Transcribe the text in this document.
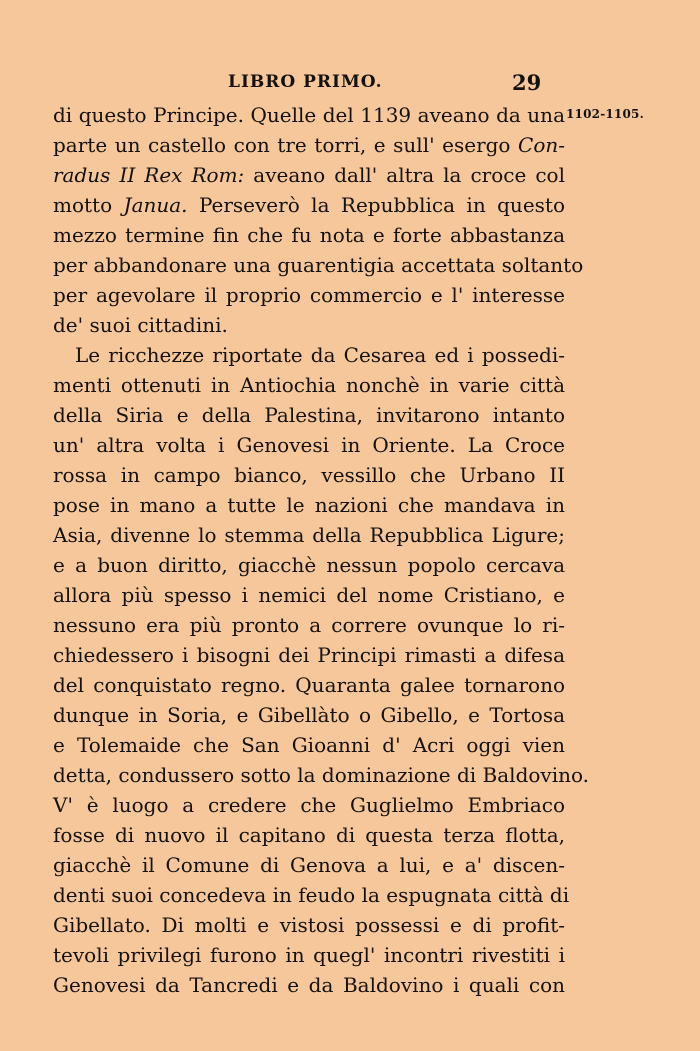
LIBRO PRIMO.	29
1102-1105.
di questo Principe. Quelle del 1139 aveano da una
parte un castello con tre torri, e sull' esergo Con-
radus II Rex Rom: aveano dall' altra la croce col
motto Janua. Perseverò la Repubblica in questo
mezzo termine fin che fu nota e forte abbastanza
per abbandonare una guarentigia accettata soltanto
per agevolare il proprio commercio e l' interesse
de' suoi cittadini.
Le ricchezze riportate da Cesarea ed i possedi-
menti ottenuti in Antiochia nonchè in varie città
della Siria e della Palestina, invitarono intanto
un' altra volta i Genovesi in Oriente. La Croce
rossa in campo bianco, vessillo che Urbano II
pose in mano a tutte le nazioni che mandava in
Asia, divenne lo stemma della Repubblica Ligure;
e a buon diritto, giacchè nessun popolo cercava
allora più spesso i nemici del nome Cristiano, e
nessuno era più pronto a correre ovunque lo ri-
chiedessero i bisogni dei Principi rimasti a difesa
del conquistato regno. Quaranta galee tornarono
dunque in Soria, e Gibellàto o Gibello, e Tortosa
e Tolemaide che San Gioanni d' Acri oggi vien
detta, condussero sotto la dominazione di Baldovino.
V' è luogo a credere che Guglielmo Embriaco
fosse di nuovo il capitano di questa terza flotta,
giacchè il Comune di Genova a lui, e a' discen-
denti suoi concedeva in feudo la espugnata città di
Gibellato. Di molti e vistosi possessi e di profit-
tevoli privilegi furono in quegl' incontri rivestiti i
Genovesi da Tancredi e da Baldovino i quali con
